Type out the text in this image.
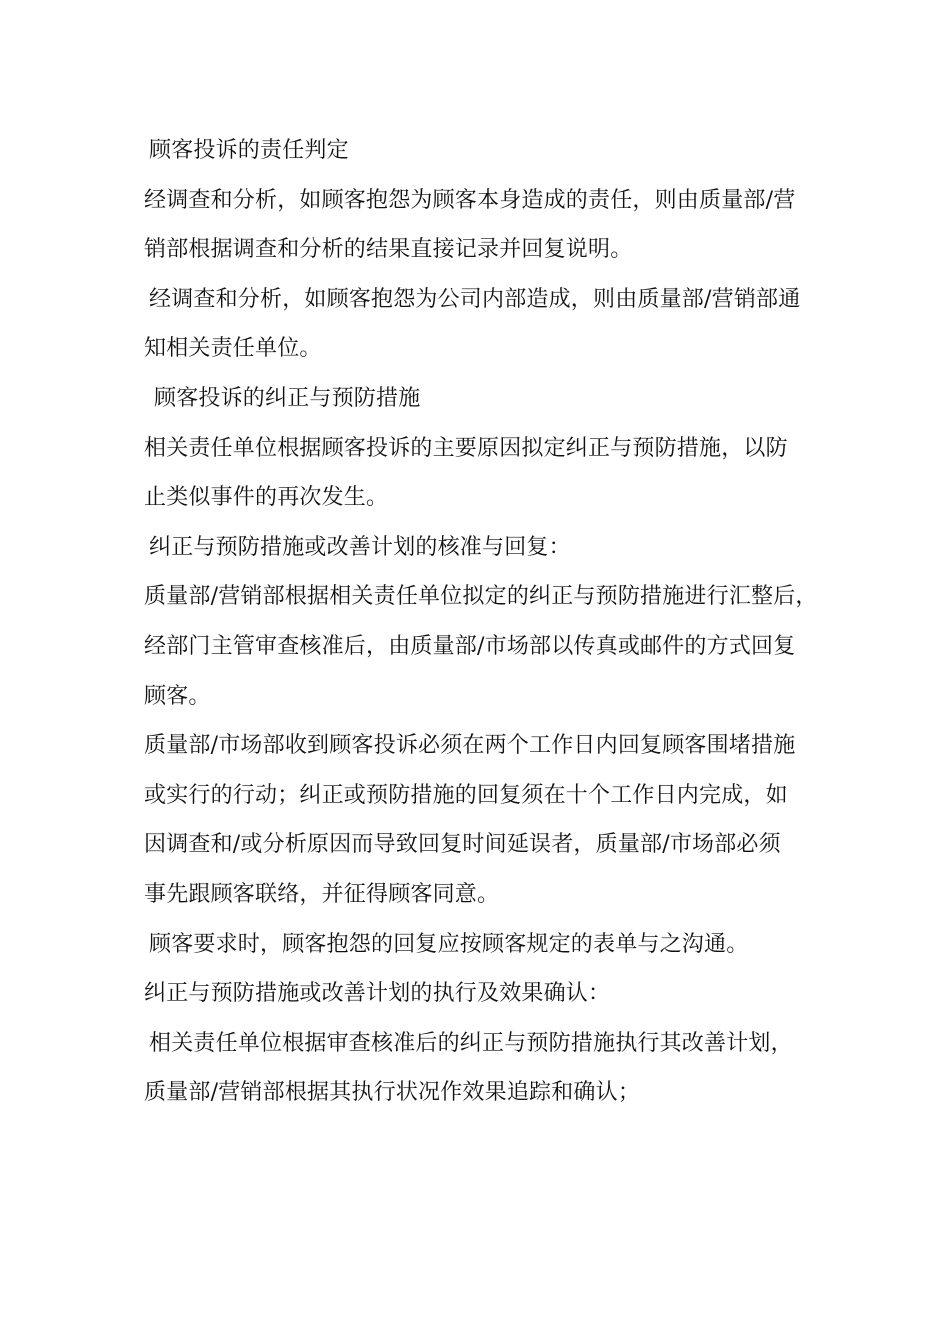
顾客投诉的责任判定
经调查和分析，如顾客抱怨为顾客本身造成的责任，则由质量部/营
销部根据调查和分析的结果直接记录并回复说明。
经调查和分析，如顾客抱怨为公司内部造成，则由质量部/营销部通
知相关责任单位。
顾客投诉的纠正与预防措施
相关责任单位根据顾客投诉的主要原因拟定纠正与预防措施，以防
止类似事件的再次发生。
纠正与预防措施或改善计划的核准与回复：
质量部/营销部根据相关责任单位拟定的纠正与预防措施进行汇整后，
经部门主管审查核准后，由质量部/市场部以传真或邮件的方式回复
顾客。
质量部/市场部收到顾客投诉必须在两个工作日内回复顾客围堵措施
或实行的行动；纠正或预防措施的回复须在十个工作日内完成，如
因调查和/或分析原因而导致回复时间延误者，质量部/市场部必须
事先跟顾客联络，并征得顾客同意。
顾客要求时，顾客抱怨的回复应按顾客规定的表单与之沟通。
纠正与预防措施或改善计划的执行及效果确认：
相关责任单位根据审查核准后的纠正与预防措施执行其改善计划，
质量部/营销部根据其执行状况作效果追踪和确认；
